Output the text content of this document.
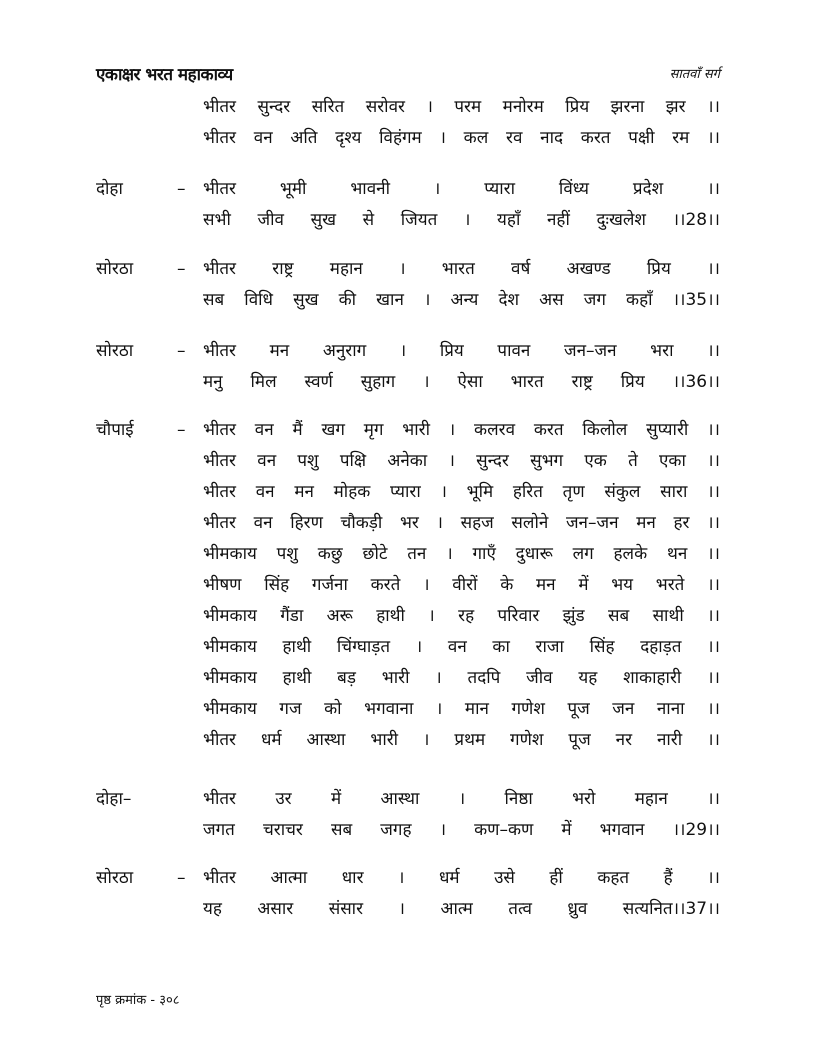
एकाक्षर भरत महाकाव्य	सातवाँ सर्ग
भीतर सुन्दर सरित सरोवर । परम मनोरम प्रिय झरना झर ।।
भीतर वन अति दृश्य विहंगम । कल रव नाद करत पक्षी रम ।।
दोहा	– भीतर भूमी भावनी । प्यारा विंध्य प्रदेश ।।
सभी जीव सुख से जियत । यहाँ नहीं दुःखलेश ।।28।।
सोरठा	– भीतर राष्ट्र महान । भारत वर्ष अखण्ड प्रिय ।।
सब विधि सुख की खान । अन्य देश अस जग कहाँ ।।35।।
सोरठा	– भीतर मन अनुराग । प्रिय पावन जन–जन भरा ।।
मनु मिल स्वर्ण सुहाग । ऐसा भारत राष्ट्र प्रिय ।।36।।
चौपाई	– भीतर वन मैं खग मृग भारी । कलरव करत किलोल सुप्यारी ।।
भीतर वन पशु पक्षि अनेका । सुन्दर सुभग एक ते एका ।।
भीतर वन मन मोहक प्यारा । भूमि हरित तृण संकुल सारा ।।
भीतर वन हिरण चौकड़ी भर । सहज सलोने जन–जन मन हर ।।
भीमकाय पशु कछु छोटे तन । गाएँ दुधारू लग हलके थन ।।
भीषण सिंह गर्जना करते । वीरों के मन में भय भरते ।।
भीमकाय गैंडा अरू हाथी । रह परिवार झुंड सब साथी ।।
भीमकाय हाथी चिंग्घाड़त । वन का राजा सिंह दहाड़त ।।
भीमकाय हाथी बड़ भारी । तदपि जीव यह शाकाहारी ।।
भीमकाय गज को भगवाना । मान गणेश पूज जन नाना ।।
भीतर धर्म आस्था भारी । प्रथम गणेश पूज नर नारी ।।
दोहा–	भीतर उर में आस्था । निष्ठा भरो महान ।।
जगत चराचर सब जगह । कण–कण में भगवान ।।29।।
सोरठा	– भीतर आत्मा धार । धर्म उसे हीं कहत हैं ।।
यह असार संसार । आत्म तत्व ध्रुव सत्यनित।।37।।
पृष्ठ क्रमांक - ३०८
